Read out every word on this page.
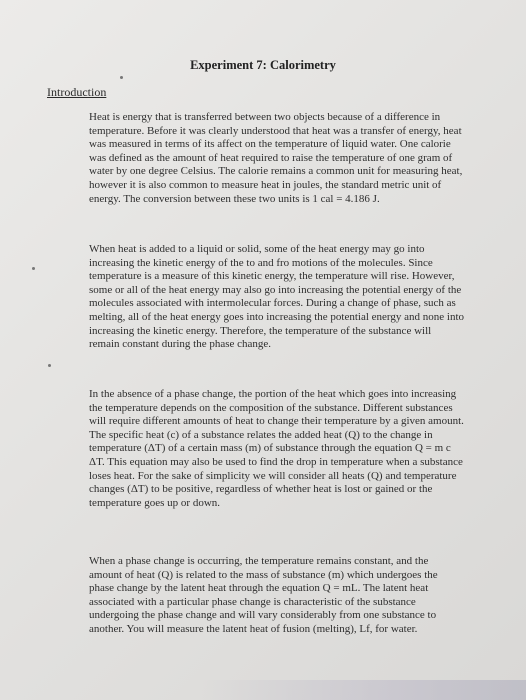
Experiment 7: Calorimetry
Introduction
Heat is energy that is transferred between two objects because of a difference in temperature. Before it was clearly understood that heat was a transfer of energy, heat was measured in terms of its affect on the temperature of liquid water. One calorie was defined as the amount of heat required to raise the temperature of one gram of water by one degree Celsius. The calorie remains a common unit for measuring heat, however it is also common to measure heat in joules, the standard metric unit of energy. The conversion between these two units is 1 cal = 4.186 J.
When heat is added to a liquid or solid, some of the heat energy may go into increasing the kinetic energy of the to and fro motions of the molecules. Since temperature is a measure of this kinetic energy, the temperature will rise. However, some or all of the heat energy may also go into increasing the potential energy of the molecules associated with intermolecular forces. During a change of phase, such as melting, all of the heat energy goes into increasing the potential energy and none into increasing the kinetic energy. Therefore, the temperature of the substance will remain constant during the phase change.
In the absence of a phase change, the portion of the heat which goes into increasing the temperature depends on the composition of the substance. Different substances will require different amounts of heat to change their temperature by a given amount. The specific heat (c) of a substance relates the added heat (Q) to the change in temperature (ΔT) of a certain mass (m) of substance through the equation Q = m c ΔT. This equation may also be used to find the drop in temperature when a substance loses heat. For the sake of simplicity we will consider all heats (Q) and temperature changes (ΔT) to be positive, regardless of whether heat is lost or gained or the temperature goes up or down.
When a phase change is occurring, the temperature remains constant, and the amount of heat (Q) is related to the mass of substance (m) which undergoes the phase change by the latent heat through the equation Q = mL. The latent heat associated with a particular phase change is characteristic of the substance undergoing the phase change and will vary considerably from one substance to another. You will measure the latent heat of fusion (melting), Lf, for water.
